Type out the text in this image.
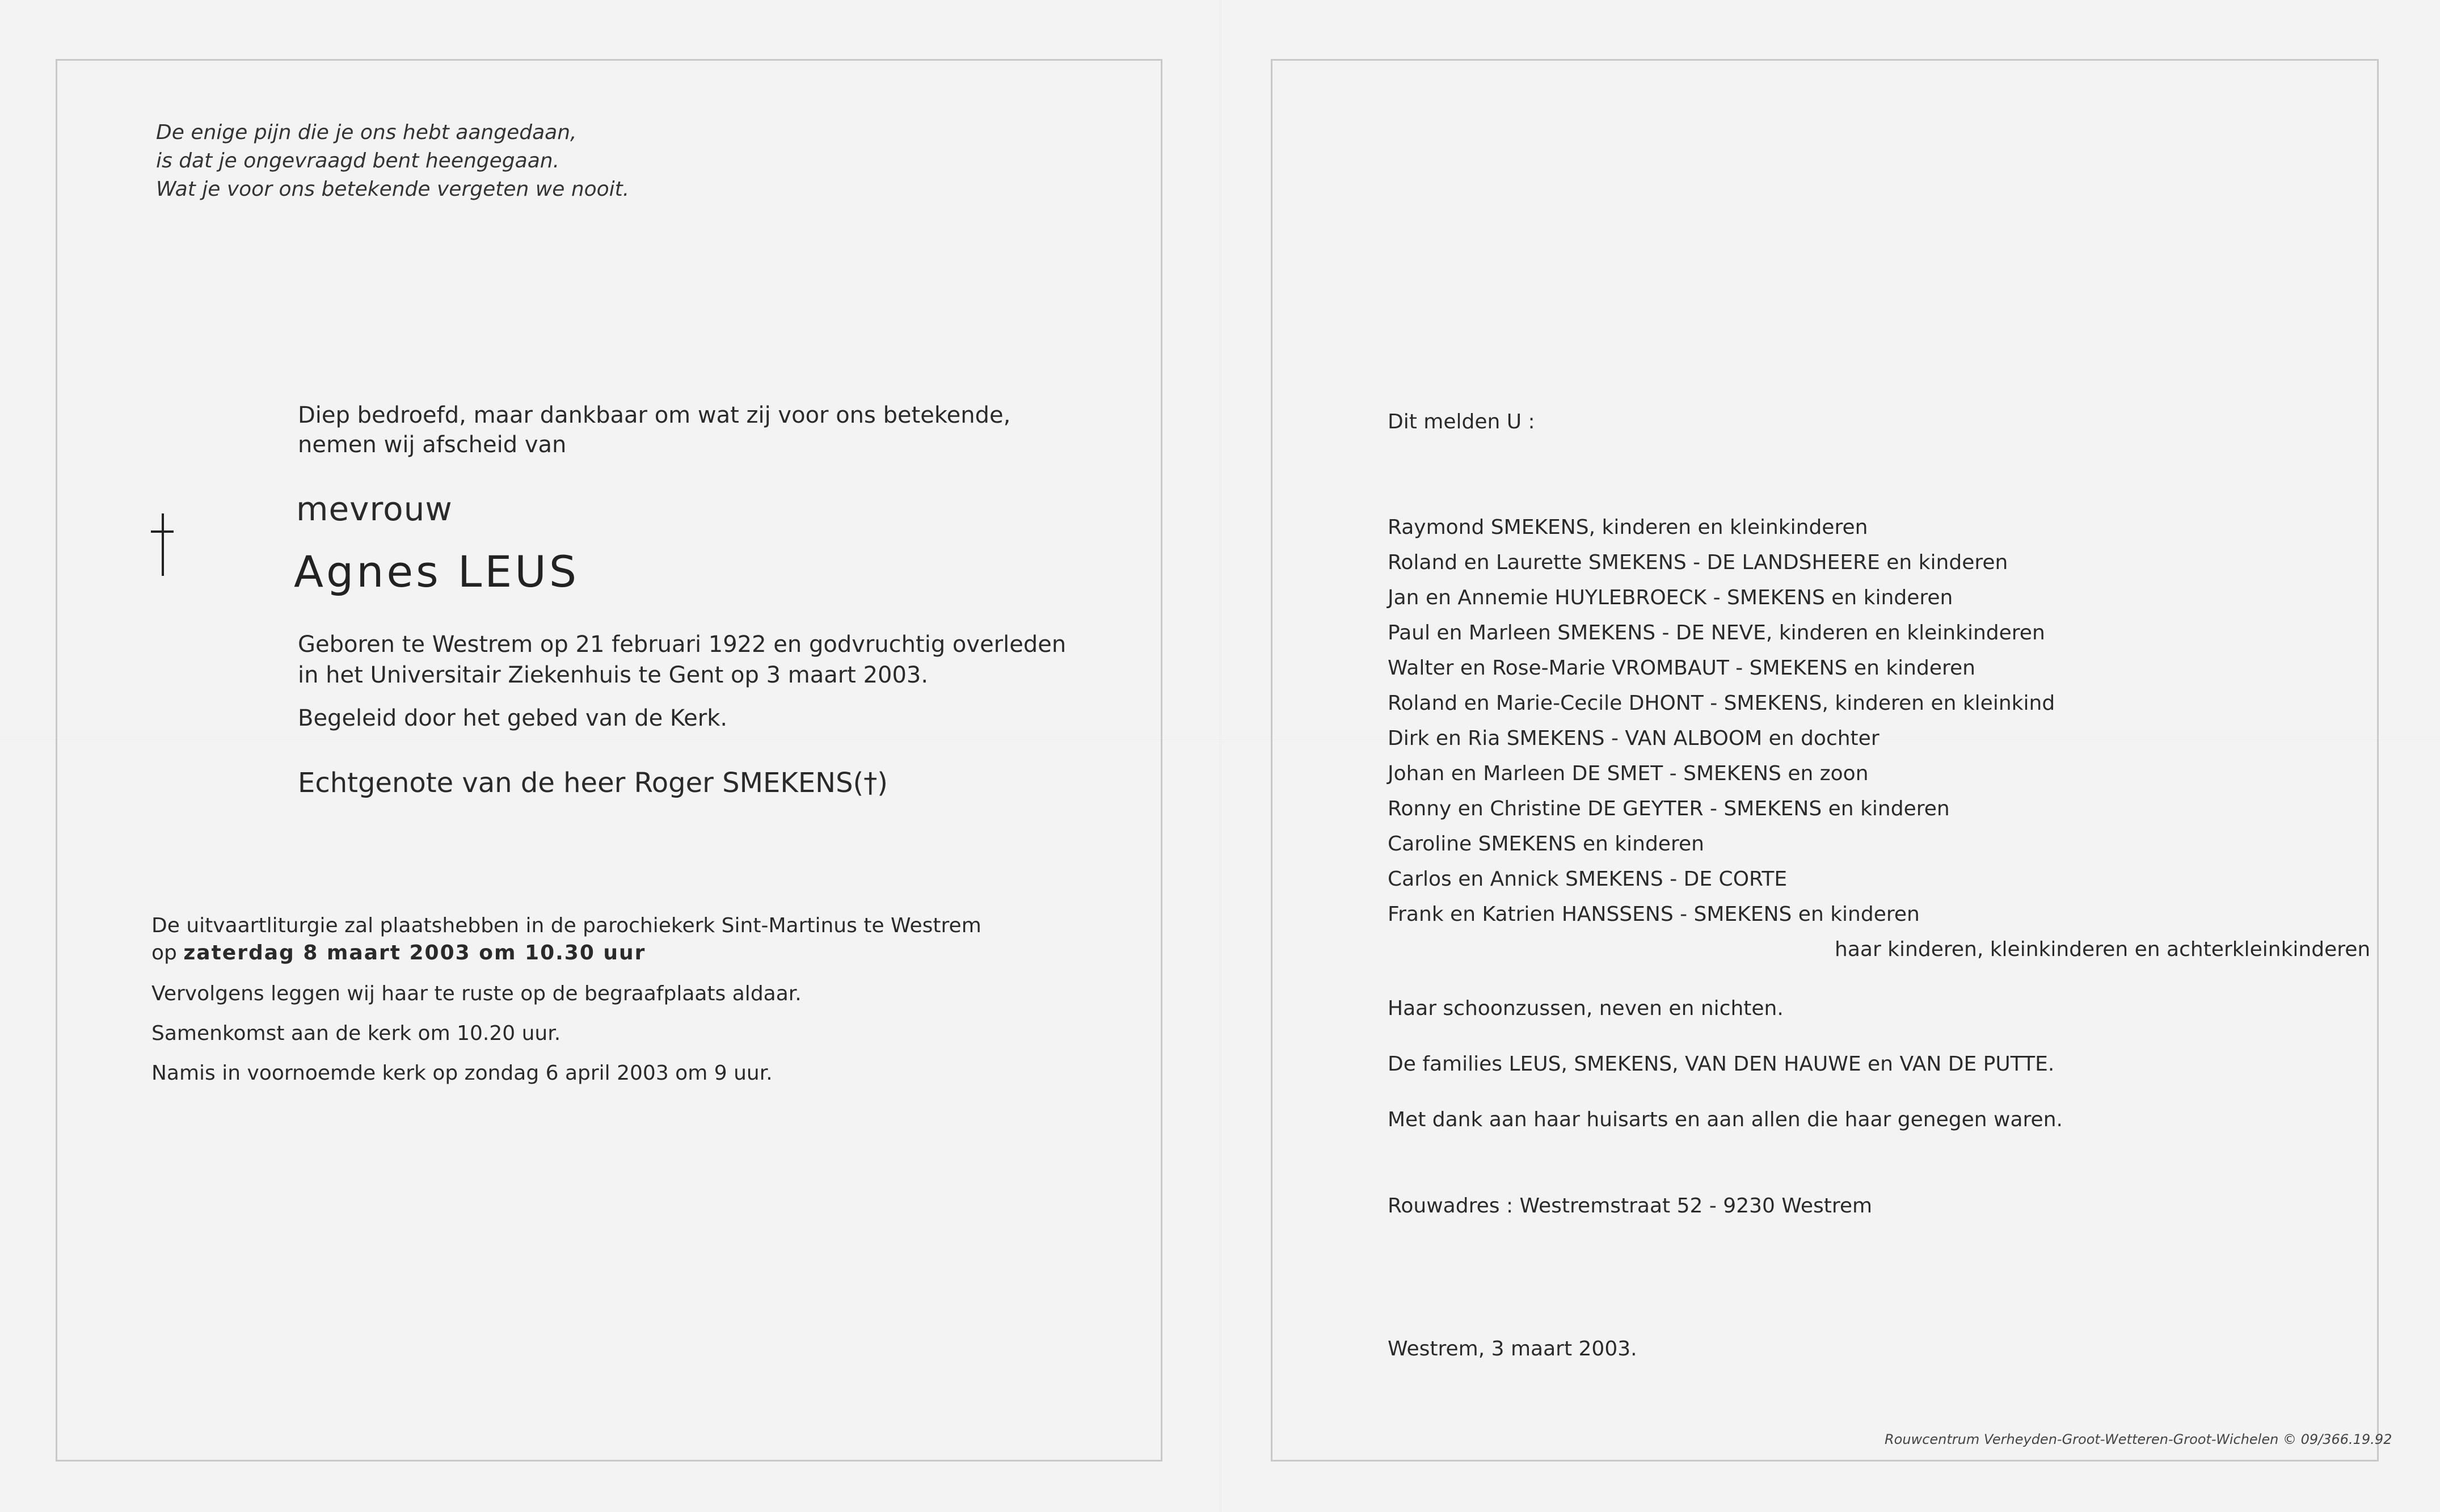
De enige pijn die je ons hebt aangedaan,
is dat je ongevraagd bent heengegaan.
Wat je voor ons betekende vergeten we nooit.
Diep bedroefd, maar dankbaar om wat zij voor ons betekende,
nemen wij afscheid van
mevrouw
Agnes LEUS
Geboren te Westrem op 21 februari 1922 en godvruchtig overleden
in het Universitair Ziekenhuis te Gent op 3 maart 2003.
Begeleid door het gebed van de Kerk.
Echtgenote van de heer Roger SMEKENS(†)
De uitvaartliturgie zal plaatshebben in de parochiekerk Sint-Martinus te Westrem
op zaterdag 8 maart 2003 om 10.30 uur
Vervolgens leggen wij haar te ruste op de begraafplaats aldaar.
Samenkomst aan de kerk om 10.20 uur.
Namis in voornoemde kerk op zondag 6 april 2003 om 9 uur.
Dit melden U :
Raymond SMEKENS, kinderen en kleinkinderen
Roland en Laurette SMEKENS - DE LANDSHEERE en kinderen
Jan en Annemie HUYLEBROECK - SMEKENS en kinderen
Paul en Marleen SMEKENS - DE NEVE, kinderen en kleinkinderen
Walter en Rose-Marie VROMBAUT - SMEKENS en kinderen
Roland en Marie-Cecile DHONT - SMEKENS, kinderen en kleinkind
Dirk en Ria SMEKENS - VAN ALBOOM en dochter
Johan en Marleen DE SMET - SMEKENS en zoon
Ronny en Christine DE GEYTER - SMEKENS en kinderen
Caroline SMEKENS en kinderen
Carlos en Annick SMEKENS - DE CORTE
Frank en Katrien HANSSENS - SMEKENS en kinderen
haar kinderen, kleinkinderen en achterkleinkinderen
Haar schoonzussen, neven en nichten.
De families LEUS, SMEKENS, VAN DEN HAUWE en VAN DE PUTTE.
Met dank aan haar huisarts en aan allen die haar genegen waren.
Rouwadres : Westremstraat 52 - 9230 Westrem
Westrem, 3 maart 2003.
Rouwcentrum Verheyden-Groot-Wetteren-Groot-Wichelen © 09/366.19.92
